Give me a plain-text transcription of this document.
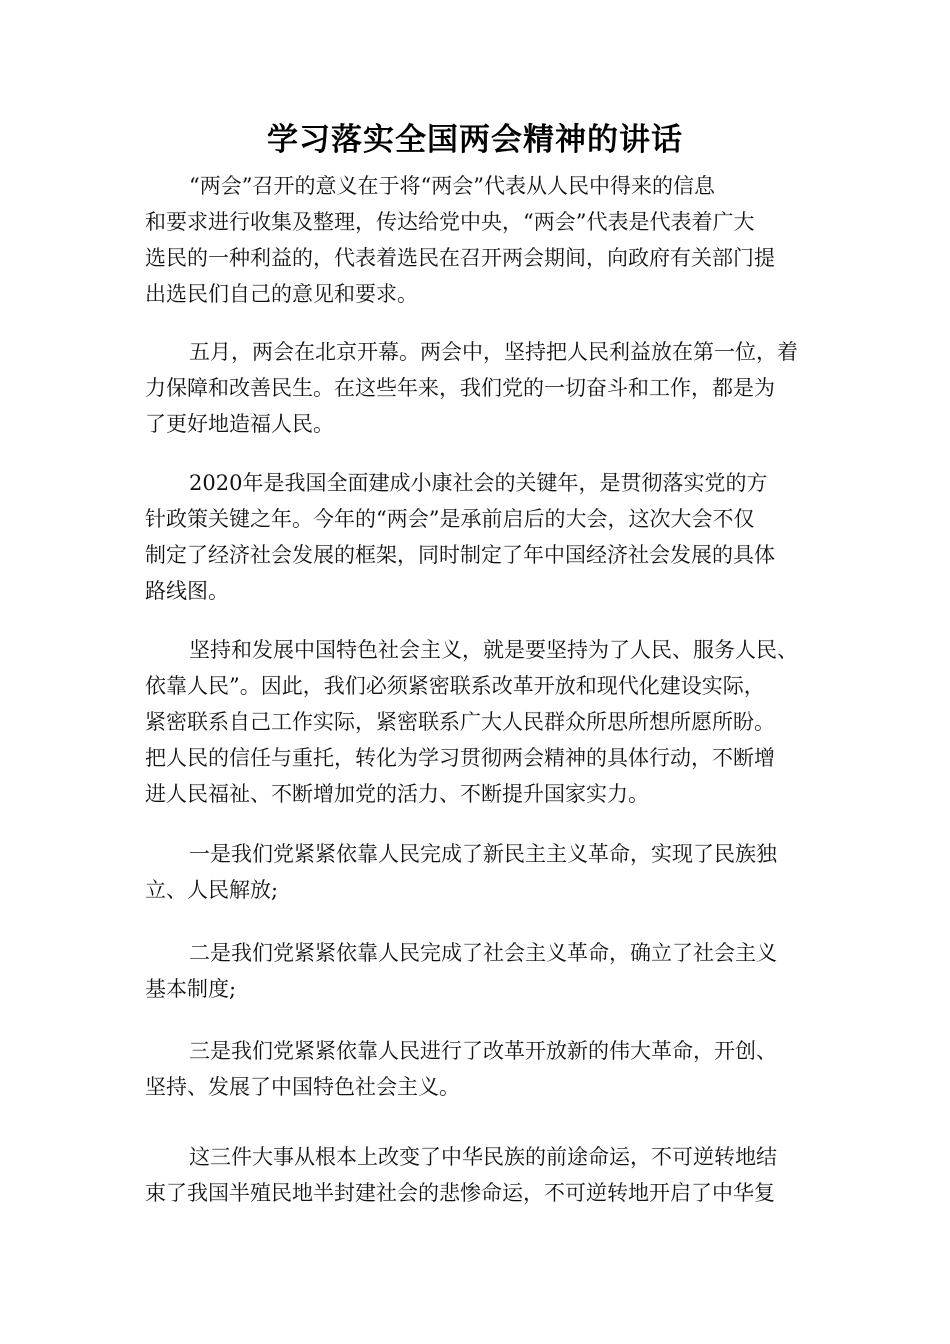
学习落实全国两会精神的讲话
“两会”召开的意义在于将“两会”代表从人民中得来的信息
和要求进行收集及整理，传达给党中央，“两会”代表是代表着广大
选民的一种利益的，代表着选民在召开两会期间，向政府有关部门提
出选民们自己的意见和要求。
五月，两会在北京开幕。两会中，坚持把人民利益放在第一位，着
力保障和改善民生。在这些年来，我们党的一切奋斗和工作，都是为
了更好地造福人民。
2020年是我国全面建成小康社会的关键年，是贯彻落实党的方
针政策关键之年。今年的“两会”是承前启后的大会，这次大会不仅
制定了经济社会发展的框架，同时制定了年中国经济社会发展的具体
路线图。
坚持和发展中国特色社会主义，就是要坚持为了人民、服务人民、
依靠人民”。因此，我们必须紧密联系改革开放和现代化建设实际，
紧密联系自己工作实际，紧密联系广大人民群众所思所想所愿所盼。
把人民的信任与重托，转化为学习贯彻两会精神的具体行动，不断增
进人民福祉、不断增加党的活力、不断提升国家实力。
一是我们党紧紧依靠人民完成了新民主主义革命，实现了民族独
立、人民解放;
二是我们党紧紧依靠人民完成了社会主义革命，确立了社会主义
基本制度;
三是我们党紧紧依靠人民进行了改革开放新的伟大革命，开创、
坚持、发展了中国特色社会主义。
这三件大事从根本上改变了中华民族的前途命运，不可逆转地结
束了我国半殖民地半封建社会的悲惨命运，不可逆转地开启了中华复
